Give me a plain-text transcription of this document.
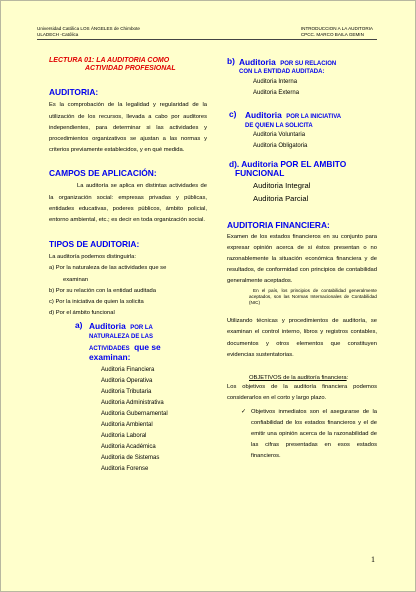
Universidad Católica LOS ÁNGELES de Chimbote
ULADECH -Católica
INTRODUCCION A LA AUDITORIA
CPCC. MARCO BAILA GEMIN
LECTURA 01: LA AUDITORIA COMO
ACTIVIDAD PROFESIONAL
AUDITORIA:
Es la comprobación de la legalidad y regularidad de la utilización de los recursos, llevada a cabo por auditores independientes, para determinar si las actividades y procedimientos organizativos se ajustan a las normas y criterios previamente establecidos, y en qué medida.
CAMPOS DE APLICACIÓN:
La auditoría se aplica en distintas actividades de la organización social: empresas privadas y públicas, entidades educativas, poderes públicos, ámbito policial, entorno ambiental, etc.; es decir en toda organización social.
TIPOS DE AUDITORIA:
La auditoría podemos distinguirla:
a) Por la naturaleza de las actividades que se
examinan
b) Por su relación con la entidad auditada
c) Por la iniciativa de quien la solicita
d) Por el ámbito funcional
a) Auditoria POR LA
NATURALEZA DE LAS
ACTIVIDADES que se
examinan:
Auditoria Financiera
Auditoria Operativa
Auditoria Tributaria
Auditoria Administrativa
Auditoria Gubernamental
Auditoria Ambiental
Auditoria Laboral
Auditoria Académica
Auditoria de Sistemas
Auditoria Forense
b) Auditoria POR SU RELACION
CON LA ENTIDAD AUDITADA:
Auditoria Interna
Auditoria Externa
c) Auditoria POR LA INICIATIVA
DE QUIEN LA SOLICITA
Auditoria Voluntaria
Auditoria Obligatoria
d). Auditoria POR EL AMBITO
FUNCIONAL
Auditoria Integral
Auditoria Parcial
AUDITORIA FINANCIERA:
Examen de los estados financieros en su conjunto para expresar opinión acerca de si éstos presentan o no razonablemente la situación económica financiera y de resultados, de conformidad con principios de contabilidad generalmente aceptados.
En el país, los principios de contabilidad generalmente aceptados, son las Normas Internacionales de Contabilidad (NIC)
Utilizando técnicas y procedimientos de auditoría, se examinan el control interno, libros y registros contables, documentos y otros elementos que constituyen evidencias sustentatorias.
OBJETIVOS de la auditoría financiera:
Los objetivos de la auditoría financiera podemos considerarlos en el corto y largo plazo.
✓ Objetivos inmediatos son el asegurarse de la confiabilidad de los estados financieros y el de emitir una opinión acerca de la razonabilidad de las cifras presentadas en esos estados financieros.
1
